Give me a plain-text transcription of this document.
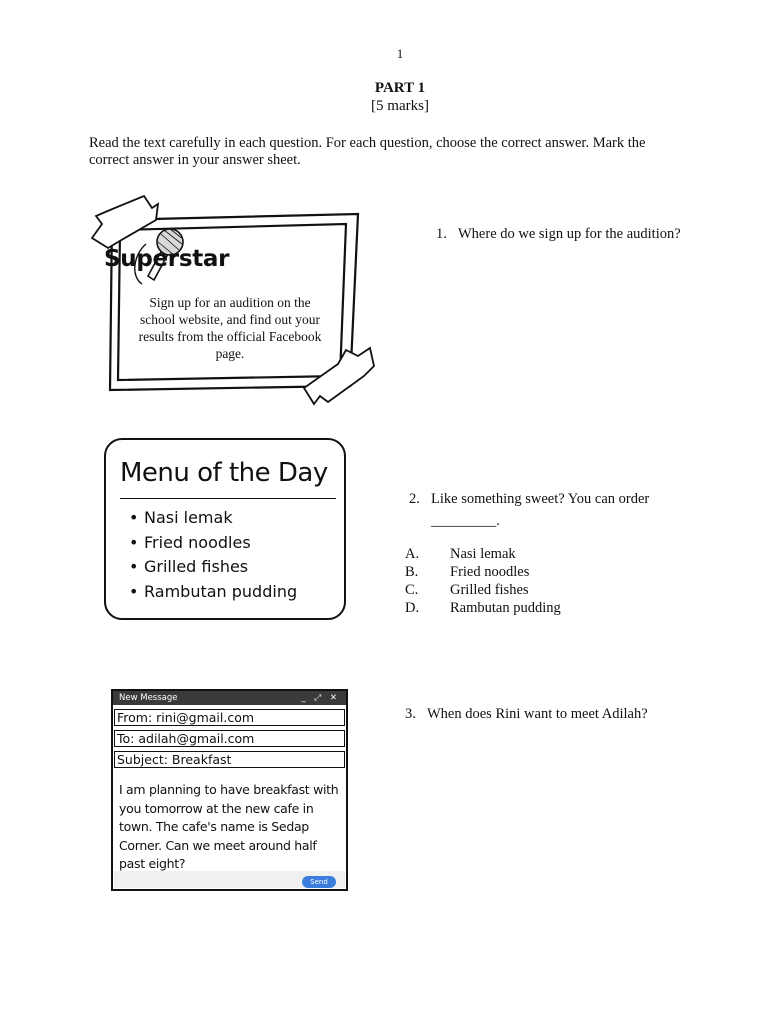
1
PART 1
[5 marks]
Read the text carefully in each question. For each question, choose the correct answer. Mark the correct answer in your answer sheet.
Superstar
Sign up for an audition on the school website, and find out your results from the official Facebook page.
Menu of the Day
• Nasi lemak
• Fried noodles
• Grilled fishes
• Rambutan pudding
New Message	_ ⤢ ✕
From: rini@gmail.com
To: adilah@gmail.com
Subject: Breakfast
I am planning to have breakfast with you tomorrow at the new cafe in town. The cafe's name is Sedap Corner. Can we meet around half past eight?
Send
1. Where do we sign up for the audition?
2. Like something sweet? You can order
_________.
A. Nasi lemak
B. Fried noodles
C. Grilled fishes
D. Rambutan pudding
3. When does Rini want to meet Adilah?
